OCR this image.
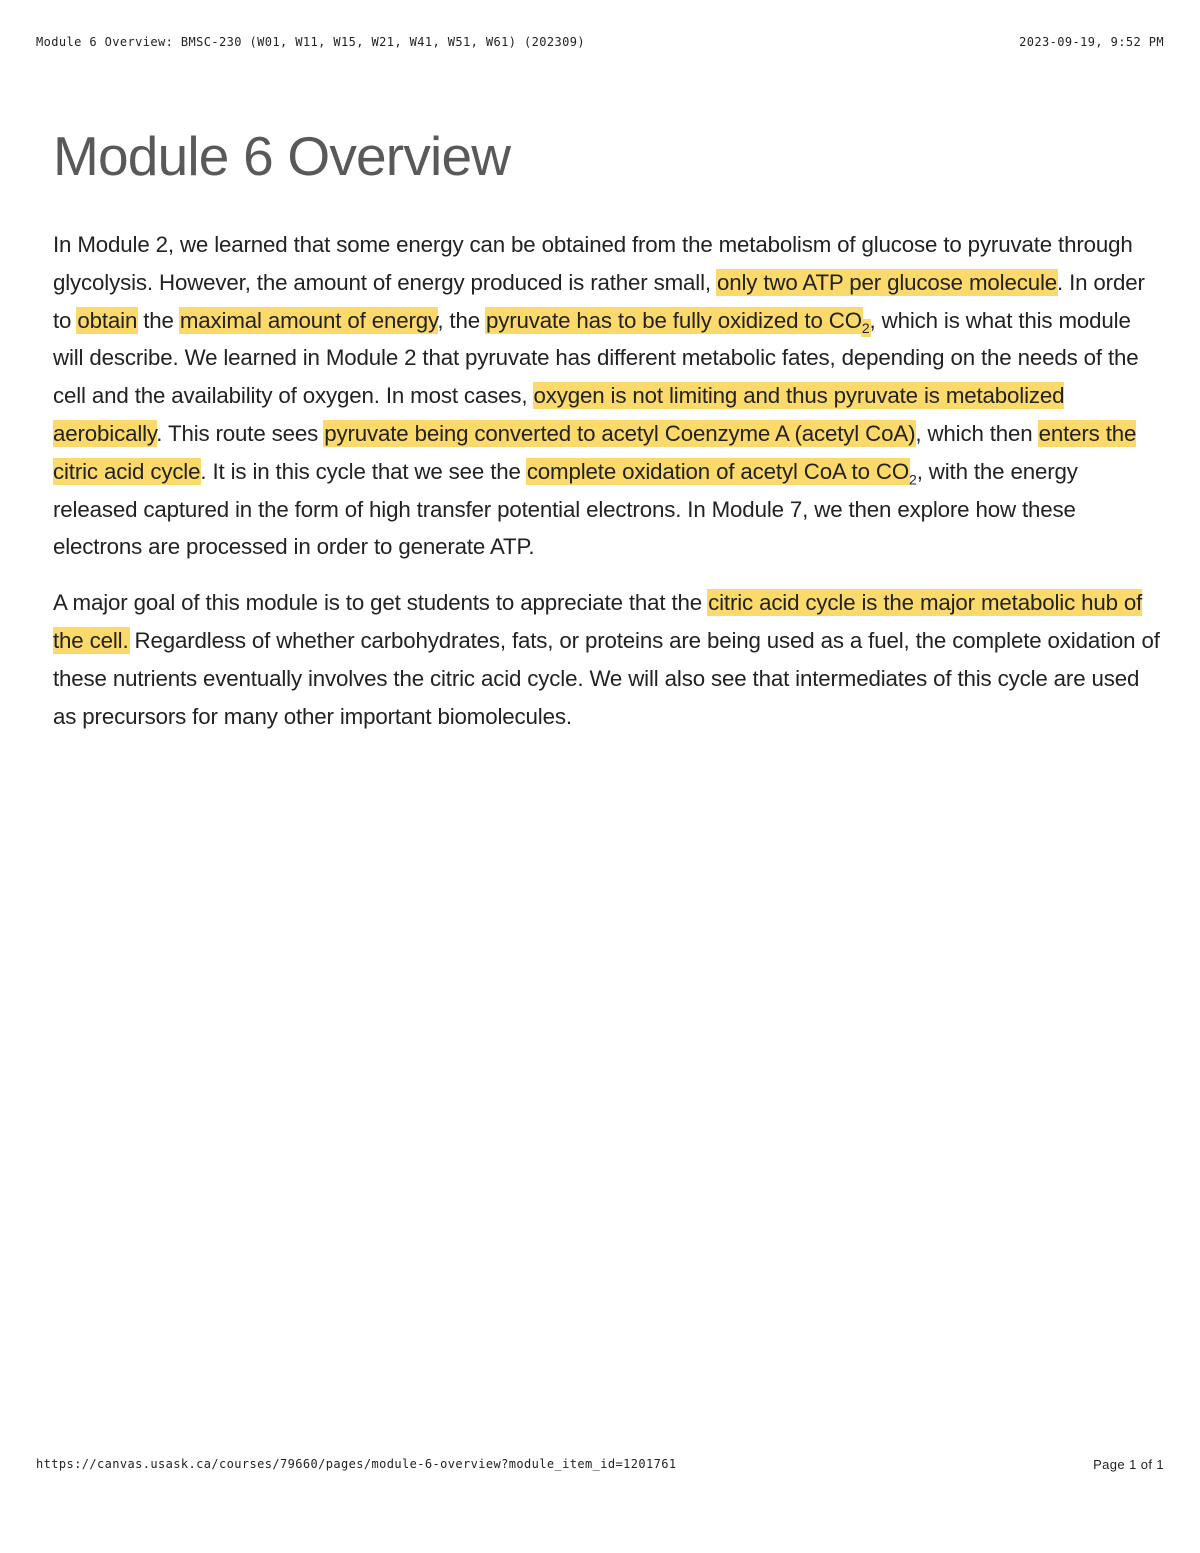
Module 6 Overview: BMSC-230 (W01, W11, W15, W21, W41, W51, W61) (202309)	2023-09-19, 9:52 PM
Module 6 Overview

In Module 2, we learned that some energy can be obtained from the metabolism of glucose to pyruvate through glycolysis. However, the amount of energy produced is rather small, only two ATP per glucose molecule. In order to obtain the maximal amount of energy, the pyruvate has to be fully oxidized to $CO_2$, which is what this module will describe. We learned in Module 2 that pyruvate has different metabolic fates, depending on the needs of the cell and the availability of oxygen. In most cases, oxygen is not limiting and thus pyruvate is metabolized aerobically. This route sees pyruvate being converted to acetyl Coenzyme A (acetyl CoA), which then enters the citric acid cycle. It is in this cycle that we see the complete oxidation of acetyl CoA to $CO_2$, with the energy released captured in the form of high transfer potential electrons. In Module 7, we then explore how these electrons are processed in order to generate ATP.

A major goal of this module is to get students to appreciate that the citric acid cycle is the major metabolic hub of the cell. Regardless of whether carbohydrates, fats, or proteins are being used as a fuel, the complete oxidation of these nutrients eventually involves the citric acid cycle. We will also see that intermediates of this cycle are used as precursors for many other important biomolecules.

https://canvas.usask.ca/courses/79660/pages/module-6-overview?module_item_id=1201761	Page 1 of 1
